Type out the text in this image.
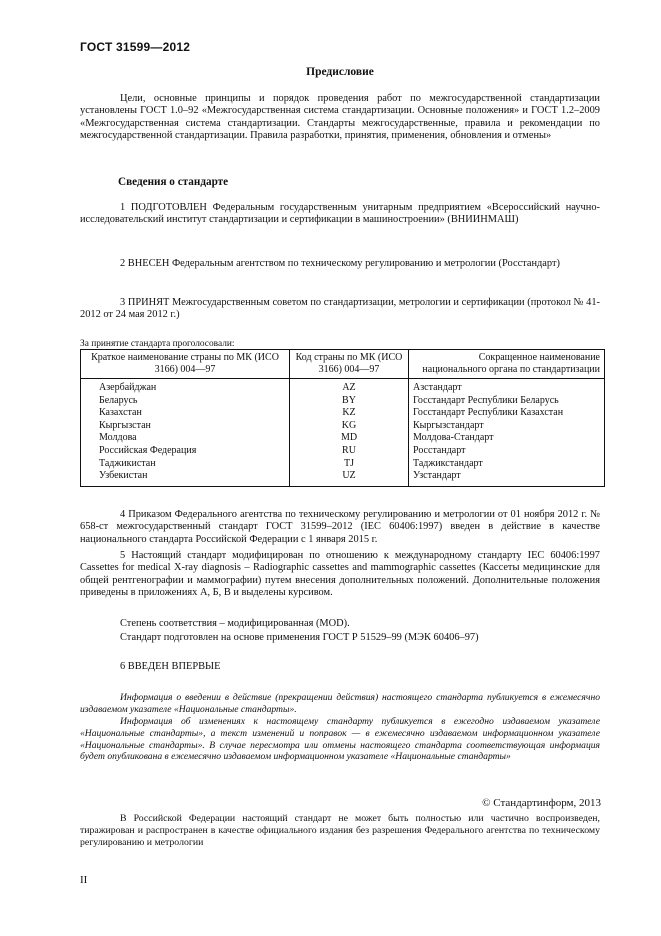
ГОСТ 31599—2012
Предисловие
Цели, основные принципы и порядок проведения работ по межгосударственной стандартизации установлены ГОСТ 1.0–92 «Межгосударственная система стандартизации. Основные положения» и ГОСТ 1.2–2009 «Межгосударственная система стандартизации. Стандарты межгосударственные, правила и рекомендации по межгосударственной стандартизации. Правила разработки, принятия, применения, обновления и отмены»
Сведения о стандарте
1 ПОДГОТОВЛЕН Федеральным государственным унитарным предприятием «Всероссийский научно-исследовательский институт стандартизации и сертификации в машиностроении» (ВНИИНМАШ)
2 ВНЕСЕН Федеральным агентством по техническому регулированию и метрологии (Росстандарт)
3 ПРИНЯТ Межгосударственным советом по стандартизации, метрологии и сертификации (протокол № 41-2012 от 24 мая 2012 г.)
За принятие стандарта проголосовали:
Краткое наименование страны по МК (ИСО 3166) 004—97	Код страны по МК (ИСО 3166) 004—97	Сокращенное наименование национального органа по стандартизации
Азербайджан	AZ	Азстандарт
Беларусь	BY	Госстандарт Республики Беларусь
Казахстан	KZ	Госстандарт Республики Казахстан
Кыргызстан	KG	Кыргызстандарт
Молдова	MD	Молдова-Стандарт
Российская Федерация	RU	Росстандарт
Таджикистан	TJ	Таджикстандарт
Узбекистан	UZ	Узстандарт
4 Приказом Федерального агентства по техническому регулированию и метрологии от 01 ноября 2012 г. № 658-ст межгосударственный стандарт ГОСТ 31599–2012 (IEC 60406:1997) введен в действие в качестве национального стандарта Российской Федерации с 1 января 2015 г.
5 Настоящий стандарт модифицирован по отношению к международному стандарту IEC 60406:1997 Cassettes for medical X-ray diagnosis – Radiographic cassettes and mammographic cassettes (Кассеты медицинские для общей рентгенографии и маммографии) путем внесения дополнительных положений. Дополнительные положения приведены в приложениях А, Б, В и выделены курсивом.
Степень соответствия – модифицированная (MOD).
Стандарт подготовлен на основе применения ГОСТ Р 51529–99 (МЭК 60406–97)
6 ВВЕДЕН ВПЕРВЫЕ
Информация о введении в действие (прекращении действия) настоящего стандарта публикуется в ежемесячно издаваемом указателе «Национальные стандарты».
Информация об изменениях к настоящему стандарту публикуется в ежегодно издаваемом указателе «Национальные стандарты», а текст изменений и поправок — в ежемесячно издаваемом информационном указателе «Национальные стандарты». В случае пересмотра или отмены настоящего стандарта соответствующая информация будет опубликована в ежемесячно издаваемом информационном указателе «Национальные стандарты»
© Стандартинформ, 2013
В Российской Федерации настоящий стандарт не может быть полностью или частично воспроизведен, тиражирован и распространен в качестве официального издания без разрешения Федерального агентства по техническому регулированию и метрологии
II
